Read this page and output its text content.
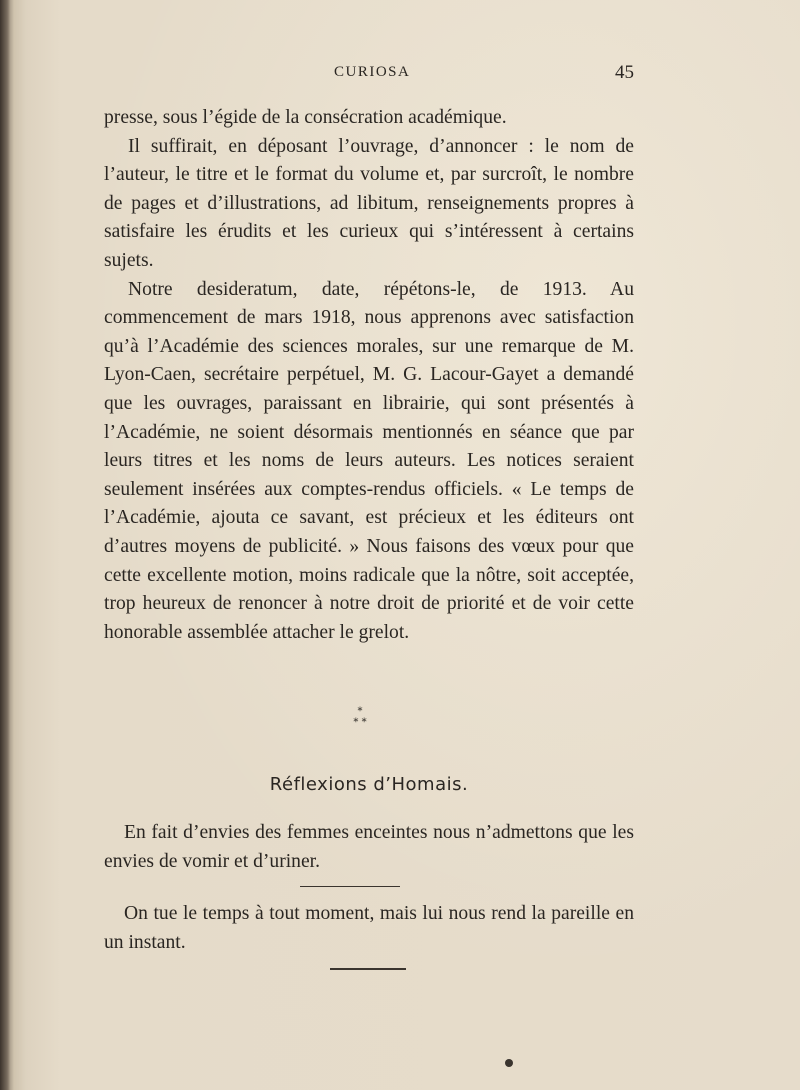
CURIOSA	45

presse, sous l’égide de la consécration académique.

Il suffirait, en déposant l’ouvrage, d’annoncer : le nom de l’auteur, le titre et le format du volume et, par surcroît, le nombre de pages et d’illustrations, ad libitum, renseignements propres à satisfaire les érudits et les curieux qui s’intéressent à certains sujets.

Notre desideratum, date, répétons-le, de 1913. Au commencement de mars 1918, nous apprenons avec satisfaction qu’à l’Académie des sciences morales, sur une remarque de M. Lyon-Caen, secrétaire perpétuel, M. G. Lacour-Gayet a demandé que les ouvrages, paraissant en librairie, qui sont présentés à l’Académie, ne soient désormais mentionnés en séance que par leurs titres et les noms de leurs auteurs. Les notices seraient seulement insérées aux comptes-rendus officiels. « Le temps de l’Académie, ajouta ce savant, est précieux et les éditeurs ont d’autres moyens de publicité. » Nous faisons des vœux pour que cette excellente motion, moins radicale que la nôtre, soit acceptée, trop heureux de renoncer à notre droit de priorité et de voir cette honorable assemblée attacher le grelot.

*
* *
Réflexions d’Homais.

En fait d’envies des femmes enceintes nous n’admettons que les envies de vomir et d’uriner.

On tue le temps à tout moment, mais lui nous rend la pareille en un instant.
